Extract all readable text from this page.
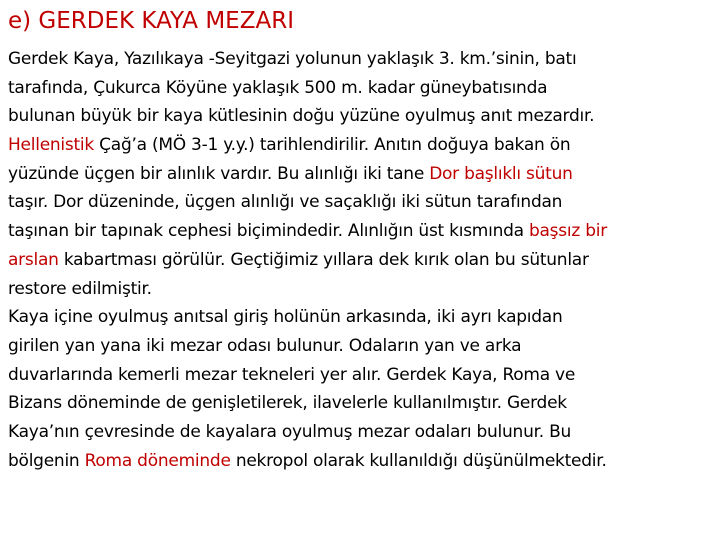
e) GERDEK KAYA MEZARI
Gerdek Kaya, Yazılıkaya -Seyitgazi yolunun yaklaşık 3. km.’sinin, batı
tarafında, Çukurca Köyüne yaklaşık 500 m. kadar güneybatısında
bulunan büyük bir kaya kütlesinin doğu yüzüne oyulmuş anıt mezardır.
Hellenistik Çağ’a (MÖ 3-1 y.y.) tarihlendirilir. Anıtın doğuya bakan ön
yüzünde üçgen bir alınlık vardır. Bu alınlığı iki tane Dor başlıklı sütun
taşır. Dor düzeninde, üçgen alınlığı ve saçaklığı iki sütun tarafından
taşınan bir tapınak cephesi biçimindedir. Alınlığın üst kısmında başsız bir
arslan kabartması görülür. Geçtiğimiz yıllara dek kırık olan bu sütunlar
restore edilmiştir.
Kaya içine oyulmuş anıtsal giriş holünün arkasında, iki ayrı kapıdan
girilen yan yana iki mezar odası bulunur. Odaların yan ve arka
duvarlarında kemerli mezar tekneleri yer alır. Gerdek Kaya, Roma ve
Bizans döneminde de genişletilerek, ilavelerle kullanılmıştır. Gerdek
Kaya’nın çevresinde de kayalara oyulmuş mezar odaları bulunur. Bu
bölgenin Roma döneminde nekropol olarak kullanıldığı düşünülmektedir.
